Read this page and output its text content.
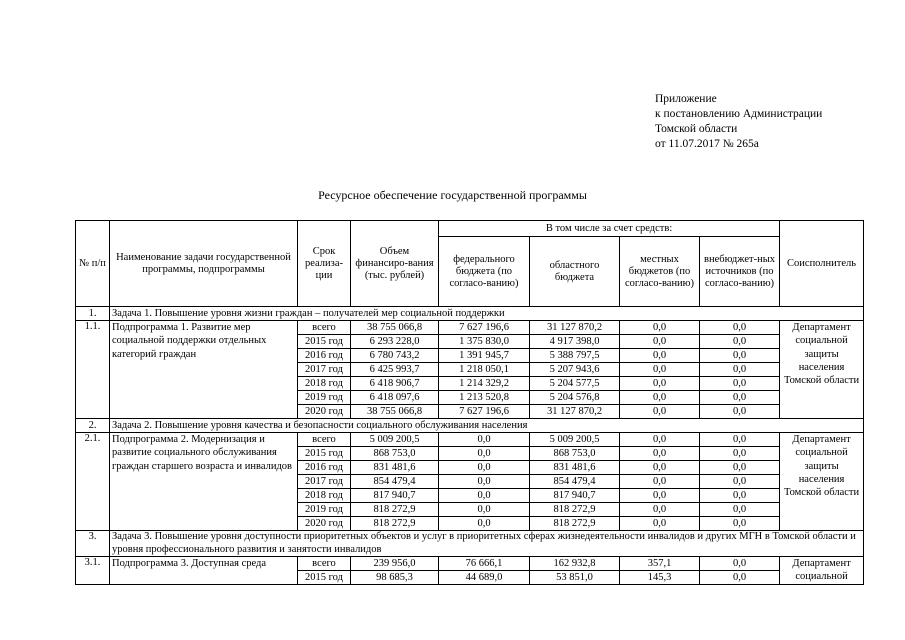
Приложение
к постановлению Администрации
Томской области
от 11.07.2017 № 265а
Ресурсное обеспечение государственной программы
№ п/п	Наименование задачи государственной программы, подпрограммы	Срок реализа-ции	Объем финансиро-вания (тыс. рублей)	В том числе за счет средств:				Соисполнитель
				федерального бюджета (по согласо-ванию)	областного бюджета	местных бюджетов (по согласо-ванию)	внебюджет-ных источников (по согласо-ванию)	
1.	Задача 1. Повышение уровня жизни граждан – получателей мер социальной поддержки							
1.1.	Подпрограмма 1. Развитие мер социальной поддержки отдельных категорий граждан	всего	38 755 066,8	7 627 196,6	31 127 870,2	0,0	0,0	Департамент социальной защиты населения Томской области
		2015 год	6 293 228,0	1 375 830,0	4 917 398,0	0,0	0,0	
		2016 год	6 780 743,2	1 391 945,7	5 388 797,5	0,0	0,0	
		2017 год	6 425 993,7	1 218 050,1	5 207 943,6	0,0	0,0	
		2018 год	6 418 906,7	1 214 329,2	5 204 577,5	0,0	0,0	
		2019 год	6 418 097,6	1 213 520,8	5 204 576,8	0,0	0,0	
		2020 год	38 755 066,8	7 627 196,6	31 127 870,2	0,0	0,0	
2.	Задача 2. Повышение уровня качества и безопасности социального обслуживания населения							
2.1.	Подпрограмма 2. Модернизация и развитие социального обслуживания граждан старшего возраста и инвалидов	всего	5 009 200,5	0,0	5 009 200,5	0,0	0,0	Департамент социальной защиты населения Томской области
		2015 год	868 753,0	0,0	868 753,0	0,0	0,0	
		2016 год	831 481,6	0,0	831 481,6	0,0	0,0	
		2017 год	854 479,4	0,0	854 479,4	0,0	0,0	
		2018 год	817 940,7	0,0	817 940,7	0,0	0,0	
		2019 год	818 272,9	0,0	818 272,9	0,0	0,0	
		2020 год	818 272,9	0,0	818 272,9	0,0	0,0	
3.	Задача 3. Повышение уровня доступности приоритетных объектов и услуг в приоритетных сферах жизнедеятельности инвалидов и других МГН в Томской области и уровня профессионального развития и занятости инвалидов							
3.1.	Подпрограмма 3. Доступная среда	всего	239 956,0	76 666,1	162 932,8	357,1	0,0	Департамент социальной
		2015 год	98 685,3	44 689,0	53 851,0	145,3	0,0	
